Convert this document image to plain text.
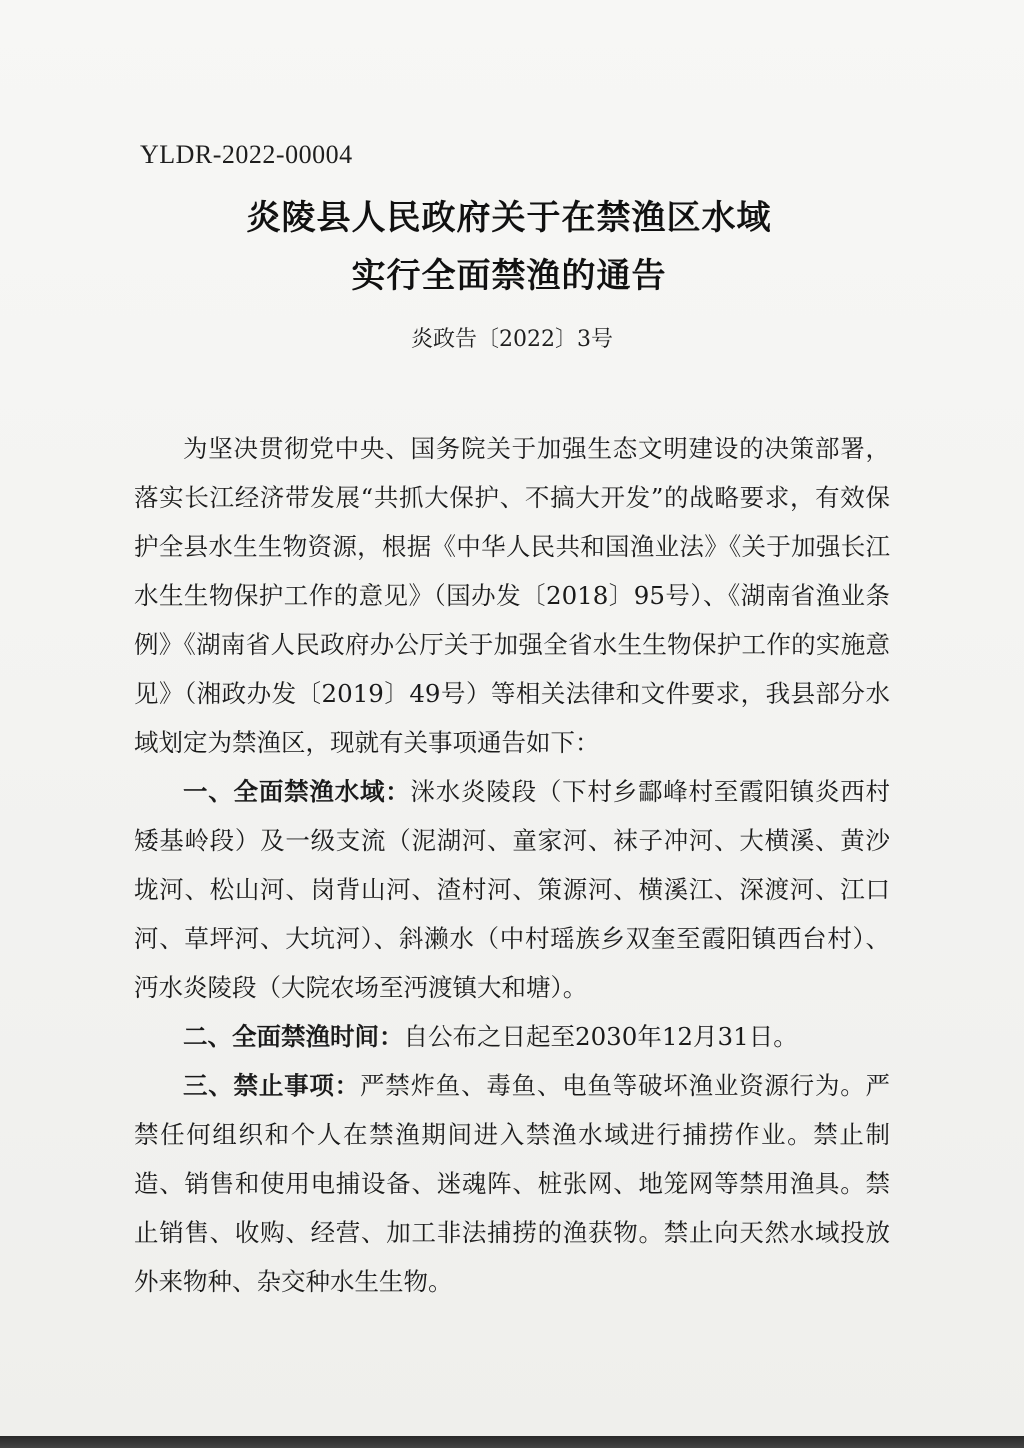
YLDR-2022-00004
炎陵县人民政府关于在禁渔区水域
实行全面禁渔的通告
炎政告〔2022〕3号

为坚决贯彻党中央、国务院关于加强生态文明建设的决策部署，落实长江经济带发展“共抓大保护、不搞大开发”的战略要求，有效保护全县水生生物资源，根据《中华人民共和国渔业法》《关于加强长江水生生物保护工作的意见》（国办发〔2018〕95号）、《湖南省渔业条例》《湖南省人民政府办公厅关于加强全省水生生物保护工作的实施意见》（湘政办发〔2019〕49号）等相关法律和文件要求，我县部分水域划定为禁渔区，现就有关事项通告如下：

一、全面禁渔水域：洣水炎陵段（下村乡酃峰村至霞阳镇炎西村矮基岭段）及一级支流（泥湖河、童家河、袜子冲河、大横溪、黄沙垅河、松山河、岗背山河、渣村河、策源河、横溪江、深渡河、江口河、草坪河、大坑河）、斜濑水（中村瑶族乡双奎至霞阳镇西台村）、沔水炎陵段（大院农场至沔渡镇大和塘）。

二、全面禁渔时间：自公布之日起至2030年12月31日。

三、禁止事项：严禁炸鱼、毒鱼、电鱼等破坏渔业资源行为。严禁任何组织和个人在禁渔期间进入禁渔水域进行捕捞作业。禁止制造、销售和使用电捕设备、迷魂阵、桩张网、地笼网等禁用渔具。禁止销售、收购、经营、加工非法捕捞的渔获物。禁止向天然水域投放外来物种、杂交种水生生物。
